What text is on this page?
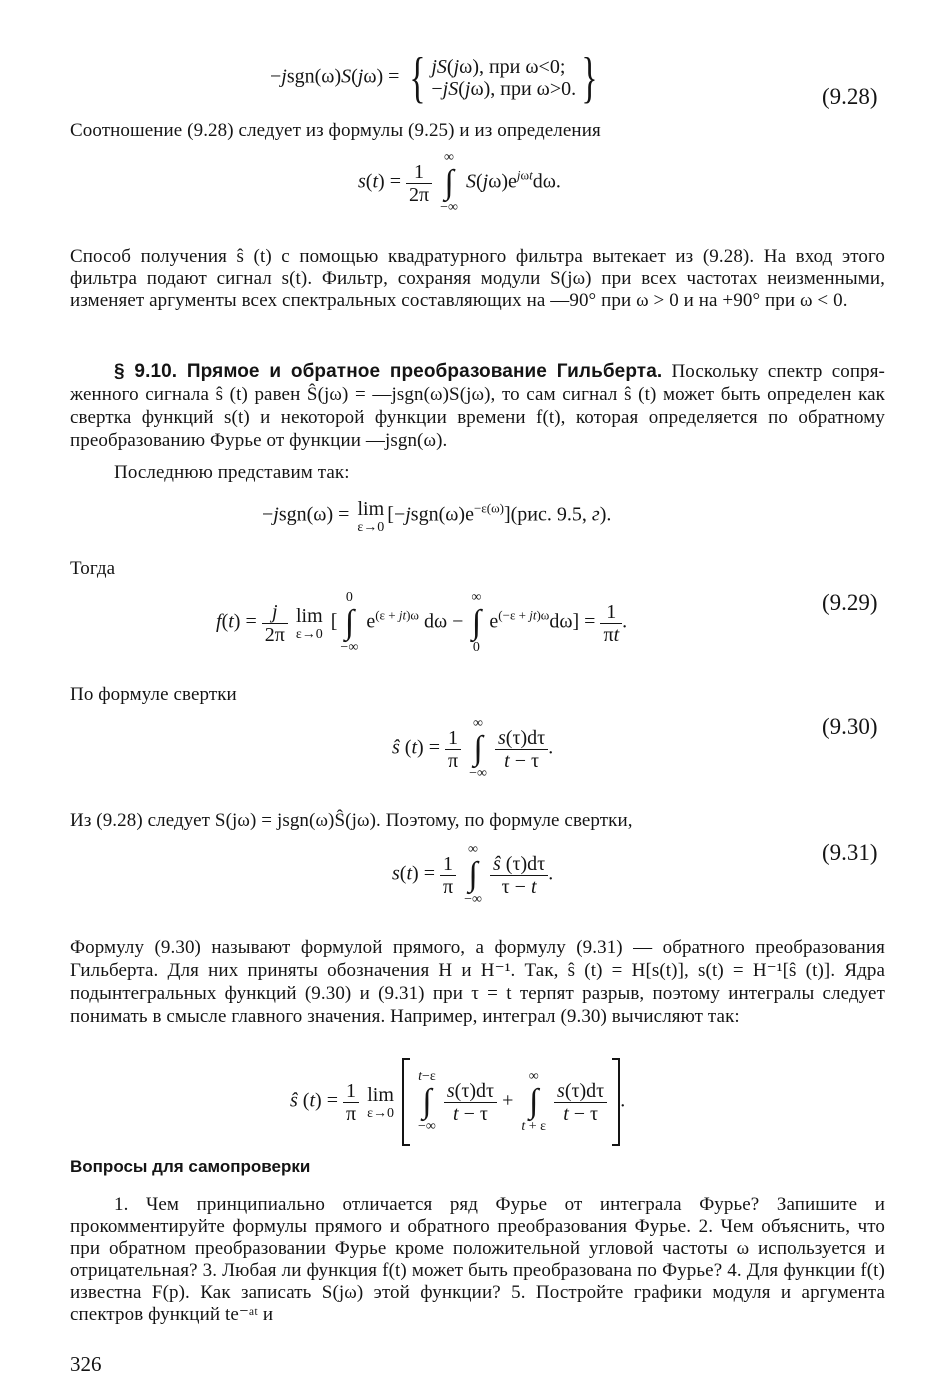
−jsgn(ω)S(jω) = { jS(jω), при ω<0;
−jS(jω), при ω>0. }	(9.28)

Соотношение (9.28) следует из формулы (9.25) и из определения

$s(t) = \frac{1}{2\pi}$
∞
∫
−∞ $S(j\omega)e^{j\omega t}d\omega$.

Способ получения ŝ (t) с помощью квадратурного фильтра вытекает из (9.28). На вход этого фильтра подают сигнал s(t). Фильтр, сохраняя модули S(jω) при всех частотах неизменными, изменяет аргументы всех спектральных составляющих на —90° при ω > 0 и на +90° при ω < 0.

§ 9.10. Прямое и обратное преобразование Гильберта. Поскольку спектр сопря-женного сигнала ŝ (t) равен Ŝ(jω) = —jsgn(ω)S(jω), то сам сигнал ŝ (t) может быть определен как свертка функций s(t) и некоторой функции времени f(t), которая определяется по обратному преобразованию Фурье от функции —jsgn(ω).

Последнюю представим так:

−jsgn(ω) = lim
ε→0
$[-jsgn(\omega)e^{-\varepsilon(\omega)}](рис$. 9.5, г).

Тогда

$f(t) = \frac{j}{2\pi}$
lim
ε→0
[0
∫
−∞ $e^{(\varepsilon + jt)\omega}$ dω − ∞
∫
0 $e^{(-\varepsilon + jt)\omega}d\omega] = \frac{1}{\pi t}$ .
(9.29)

По формуле свертки

ŝ $(t) = \frac{1}{\pi}$
∞
∫
−∞
$\frac{s(\tau)d\tau}{t - \tau}$ .
(9.30)

Из (9.28) следует S(jω) = jsgn(ω)Ŝ(jω). Поэтому, по формуле свертки,

$s(t) = \frac{1}{\pi}$
∞
∫
−∞
$\frac{ŝ (\tau)d\tau}{\tau - t}$ .
(9.31)

Формулу (9.30) называют формулой прямого, а формулу (9.31) — обратного преобразования Гильберта. Для них приняты обозначения H и H⁻¹. Так, ŝ (t) = H[s(t)], s(t) = H⁻¹[ŝ (t)]. Ядра подынтегральных функций (9.30) и (9.31) при τ = t терпят разрыв, поэтому интегралы следует понимать в смысле главного значения. Например, интеграл (9.30) вычисляют так:

ŝ $(t) = \frac{1}{\pi}$
lim
ε→0
t−ε
∫
−∞
$\frac{s(\tau)d\tau}{t - \tau}$ + ∞
∫
t + ε
$\frac{s(\tau)d\tau}{t - \tau}$ .
Вопросы для самопроверки

1. Чем принципиально отличается ряд Фурье от интеграла Фурье? Запишите и прокомментируйте формулы прямого и обратного преобразования Фурье. 2. Чем объяснить, что при обратном преобразовании Фурье кроме положительной угловой частоты ω используется и отрицательная? 3. Любая ли функция f(t) может быть преобразована по Фурье? 4. Для функции f(t) известна F(p). Как записать S(jω) этой функции? 5. Постройте графики модуля и аргумента спектров функций te⁻ᵃᵗ и

326
